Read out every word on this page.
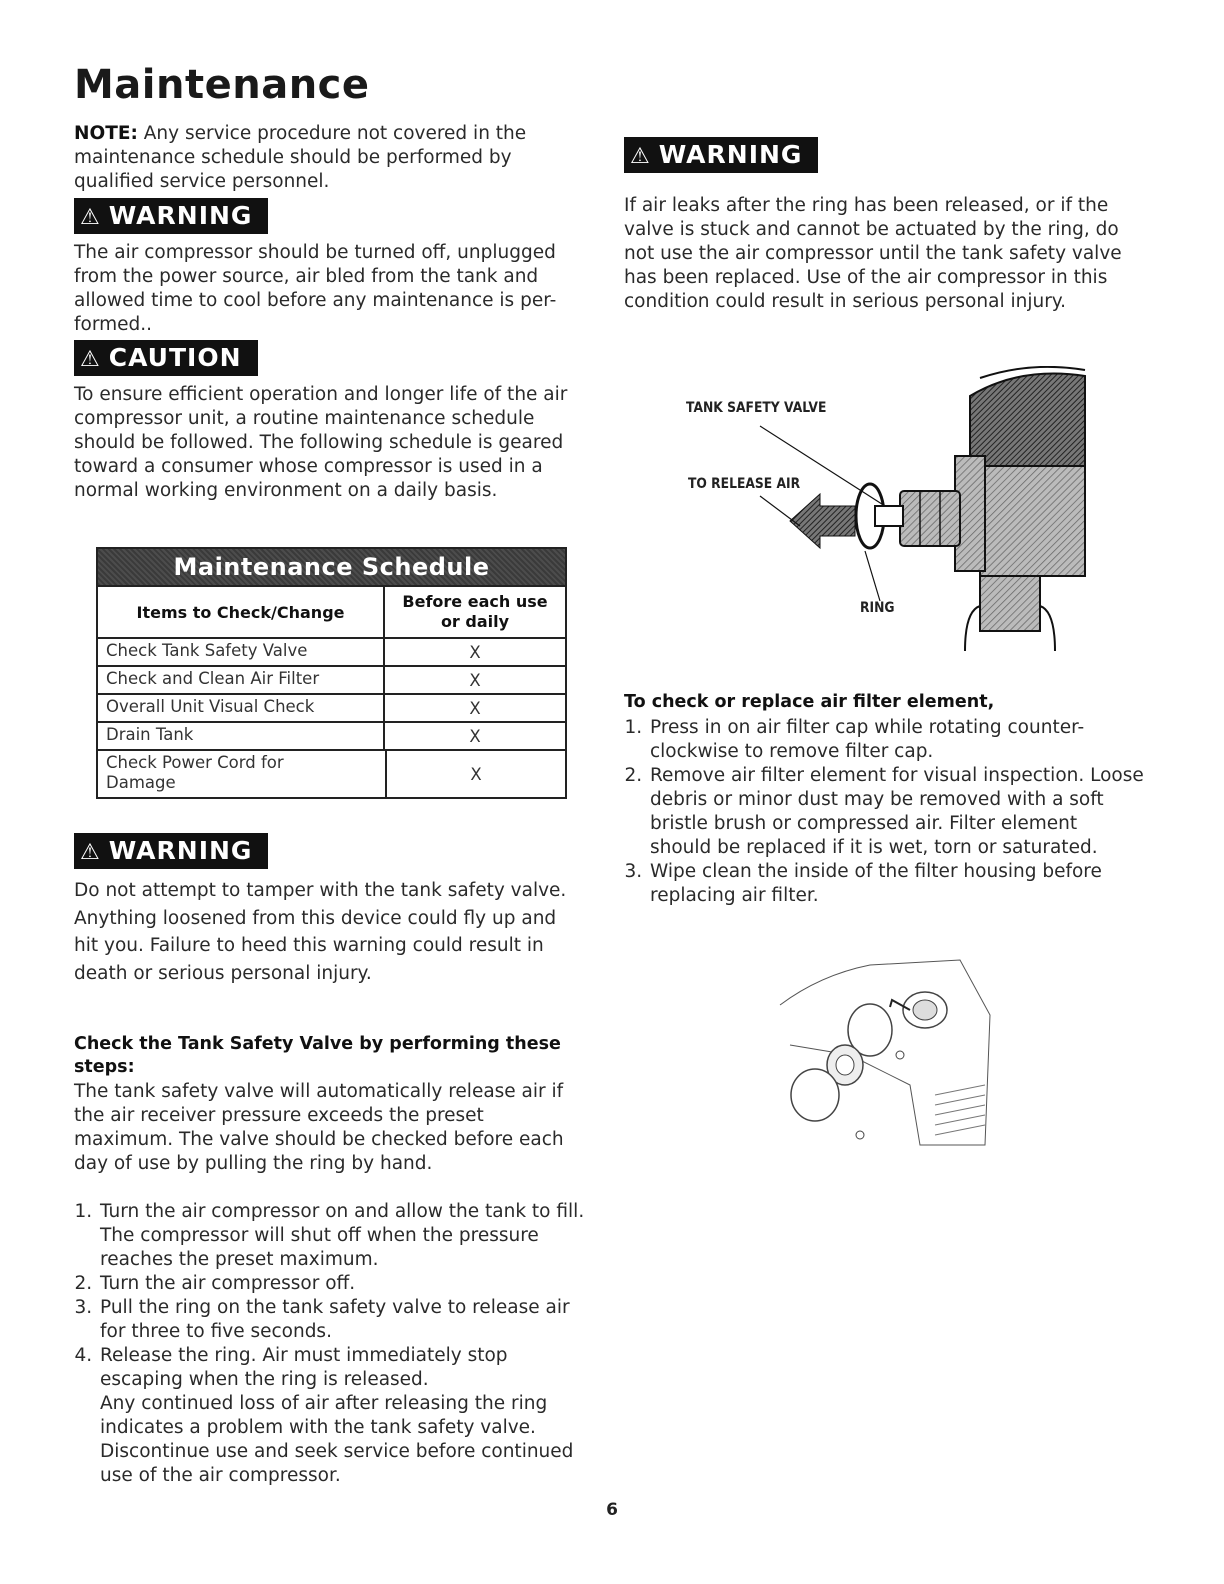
Maintenance
NOTE: Any service procedure not covered in the maintenance schedule should be performed by qualified service personnel.
⚠ WARNING
The air compressor should be turned off, unplugged from the power source, air bled from the tank and allowed time to cool before any maintenance is per-formed..
⚠ CAUTION
To ensure efficient operation and longer life of the air compressor unit, a routine maintenance schedule should be followed. The following schedule is geared toward a consumer whose compressor is used in a normal working environment on a daily basis.
Maintenance Schedule
Items to Check/Change
Before each use or daily
Check Tank Safety Valve	X
Check and Clean Air Filter	X
Overall Unit Visual Check	X
Drain Tank	X
Check Power Cord for Damage	X
⚠ WARNING
Do not attempt to tamper with the tank safety valve. Anything loosened from this device could fly up and hit you. Failure to heed this warning could result in death or serious personal injury.
Check the Tank Safety Valve by performing these steps:
The tank safety valve will automatically release air if the air receiver pressure exceeds the preset maximum. The valve should be checked before each day of use by pulling the ring by hand.
1. Turn the air compressor on and allow the tank to fill. The compressor will shut off when the pressure reaches the preset maximum.
2. Turn the air compressor off.
3. Pull the ring on the tank safety valve to release air for three to five seconds.
4. Release the ring. Air must immediately stop escaping when the ring is released.
Any continued loss of air after releasing the ring indicates a problem with the tank safety valve. Discontinue use and seek service before continued use of the air compressor.
⚠ WARNING
If air leaks after the ring has been released, or if the valve is stuck and cannot be actuated by the ring, do not use the air compressor until the tank safety valve has been replaced. Use of the air compressor in this condition could result in serious personal injury.
TANK SAFETY VALVE
TO RELEASE AIR
RING
To check or replace air filter element,
1. Press in on air filter cap while rotating counter-clockwise to remove filter cap.
2. Remove air filter element for visual inspection. Loose debris or minor dust may be removed with a soft bristle brush or compressed air. Filter element should be replaced if it is wet, torn or saturated.
3. Wipe clean the inside of the filter housing before replacing air filter.
6
